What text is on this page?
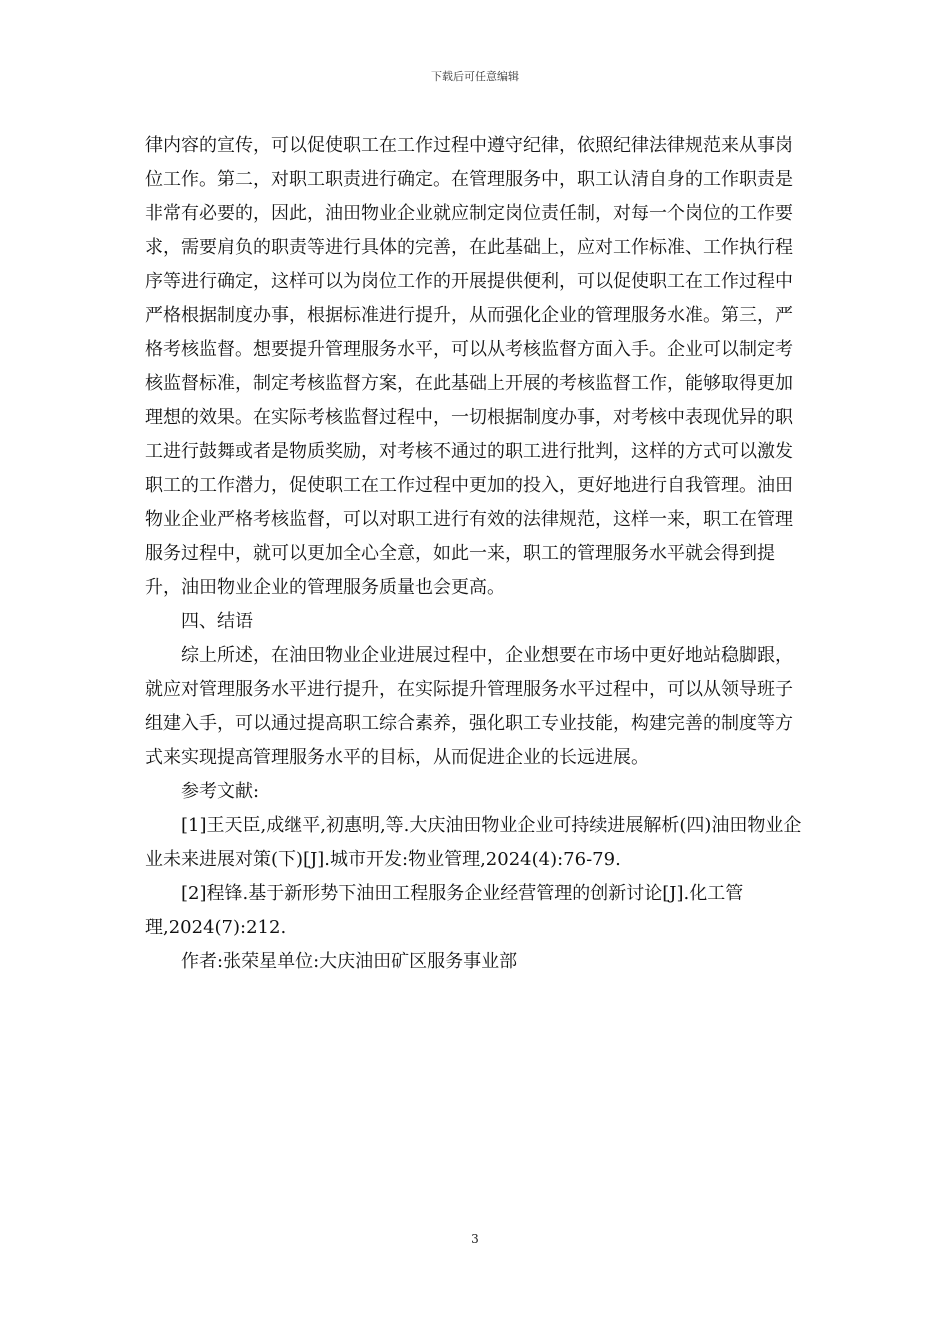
下载后可任意编辑

律内容的宣传，可以促使职工在工作过程中遵守纪律，依照纪律法律规范来从事岗位工作。第二，对职工职责进行确定。在管理服务中，职工认清自身的工作职责是非常有必要的，因此，油田物业企业就应制定岗位责任制，对每一个岗位的工作要求，需要肩负的职责等进行具体的完善，在此基础上，应对工作标准、工作执行程序等进行确定，这样可以为岗位工作的开展提供便利，可以促使职工在工作过程中严格根据制度办事，根据标准进行提升，从而强化企业的管理服务水准。第三，严格考核监督。想要提升管理服务水平，可以从考核监督方面入手。企业可以制定考核监督标准，制定考核监督方案，在此基础上开展的考核监督工作，能够取得更加理想的效果。在实际考核监督过程中，一切根据制度办事，对考核中表现优异的职工进行鼓舞或者是物质奖励，对考核不通过的职工进行批判，这样的方式可以激发职工的工作潜力，促使职工在工作过程中更加的投入，更好地进行自我管理。油田物业企业严格考核监督，可以对职工进行有效的法律规范，这样一来，职工在管理服务过程中，就可以更加全心全意，如此一来，职工的管理服务水平就会得到提升，油田物业企业的管理服务质量也会更高。

四、结语

综上所述，在油田物业企业进展过程中，企业想要在市场中更好地站稳脚跟，就应对管理服务水平进行提升，在实际提升管理服务水平过程中，可以从领导班子组建入手，可以通过提高职工综合素养，强化职工专业技能，构建完善的制度等方式来实现提高管理服务水平的目标，从而促进企业的长远进展。

参考文献:

[1]王天臣,成继平,初惠明,等.大庆油田物业企业可持续进展解析(四)油田物业企业未来进展对策(下)[J].城市开发:物业管理,2024(4):76-79.

[2]程锋.基于新形势下油田工程服务企业经营管理的创新讨论[J].化工管理,2024(7):212.

作者:张荣星单位:大庆油田矿区服务事业部

3
